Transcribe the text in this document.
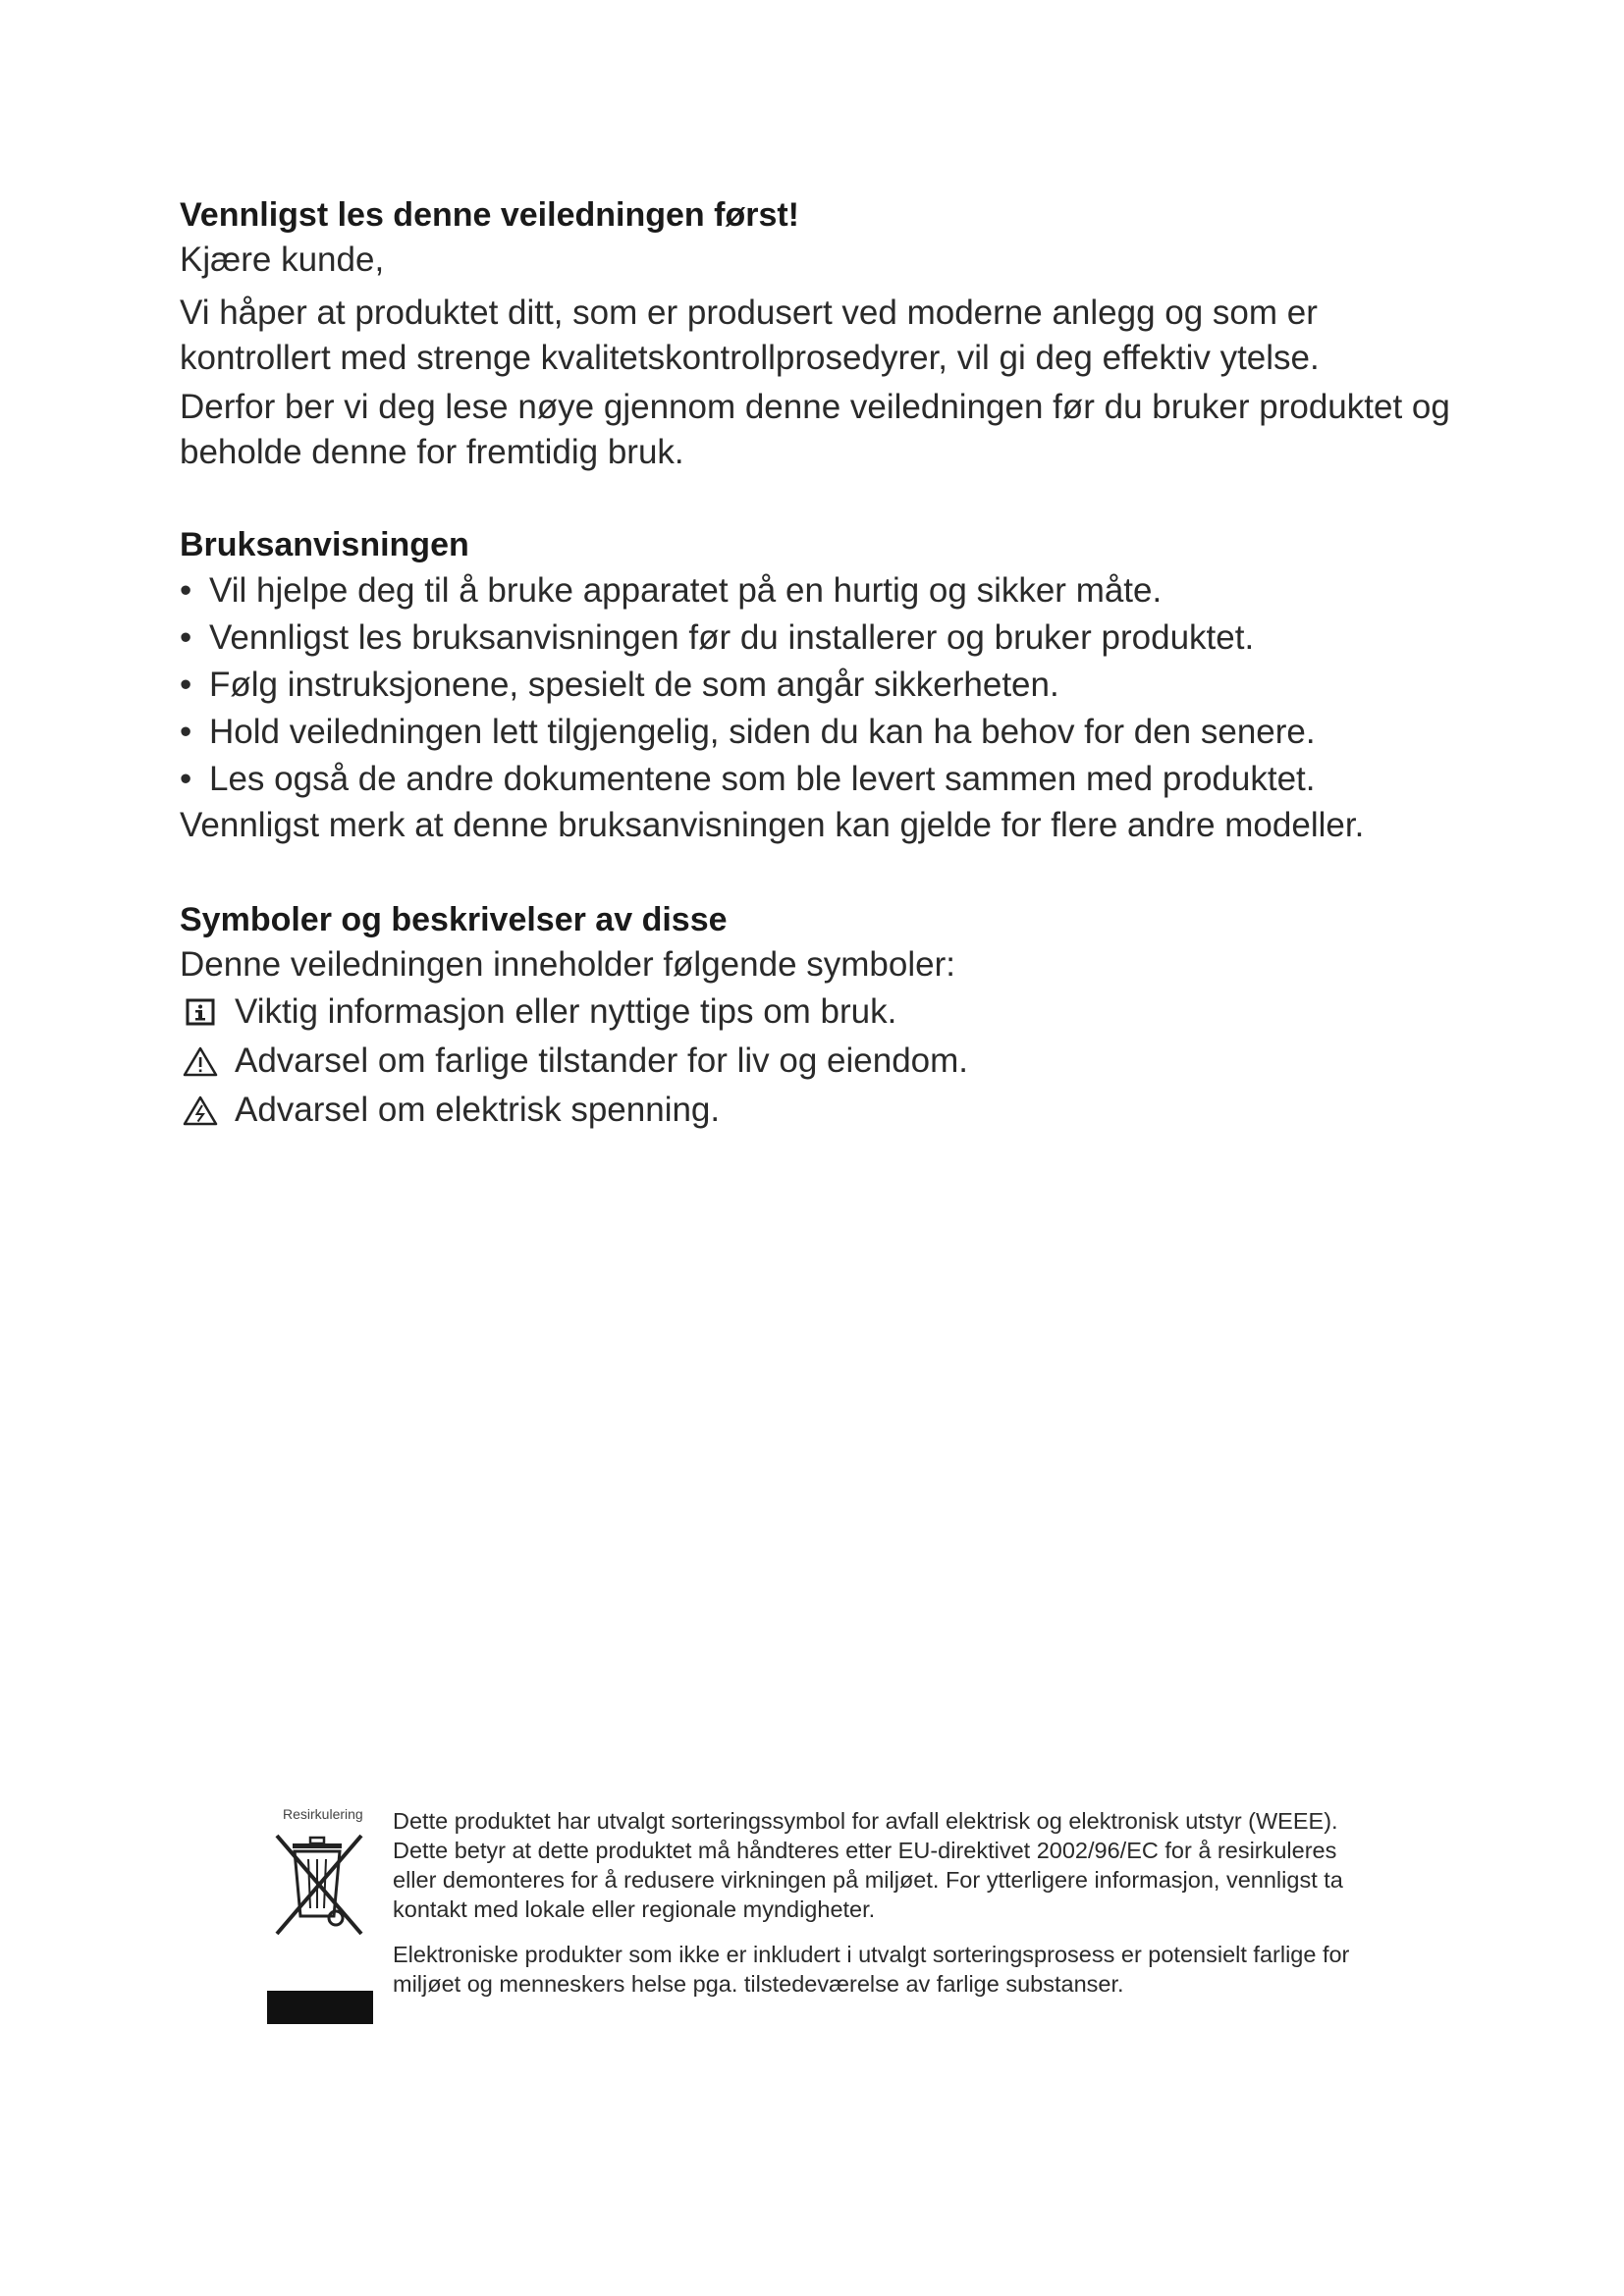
Vennligst les denne veiledningen først!

Kjære kunde,

Vi håper at produktet ditt, som er produsert ved moderne anlegg og som er kontrollert med strenge kvalitetskontrollprosedyrer, vil gi deg effektiv ytelse.

Derfor ber vi deg lese nøye gjennom denne veiledningen før du bruker produktet og beholde denne for fremtidig bruk.

Bruksanvisningen

• Vil hjelpe deg til å bruke apparatet på en hurtig og sikker måte.

• Vennligst les bruksanvisningen før du installerer og bruker produktet.

• Følg instruksjonene, spesielt de som angår sikkerheten.

• Hold veiledningen lett tilgjengelig, siden du kan ha behov for den senere.

• Les også de andre dokumentene som ble levert sammen med produktet.

Vennligst merk at denne bruksanvisningen kan gjelde for flere andre modeller.

Symboler og beskrivelser av disse

Denne veiledningen inneholder følgende symboler:

Viktig informasjon eller nyttige tips om bruk.
Advarsel om farlige tilstander for liv og eiendom.
Advarsel om elektrisk spenning.
Resirkulering Dette produktet har utvalgt sorteringssymbol for avfall elektrisk og elektronisk utstyr (WEEE).

Dette betyr at dette produktet må håndteres etter EU-direktivet 2002/96/EC for å resirkuleres eller demonteres for å redusere virkningen på miljøet. For ytterligere informasjon, vennligst ta kontakt med lokale eller regionale myndigheter.

Elektroniske produkter som ikke er inkludert i utvalgt sorteringsprosess er potensielt farlige for miljøet og menneskers helse pga. tilstedeværelse av farlige substanser.
